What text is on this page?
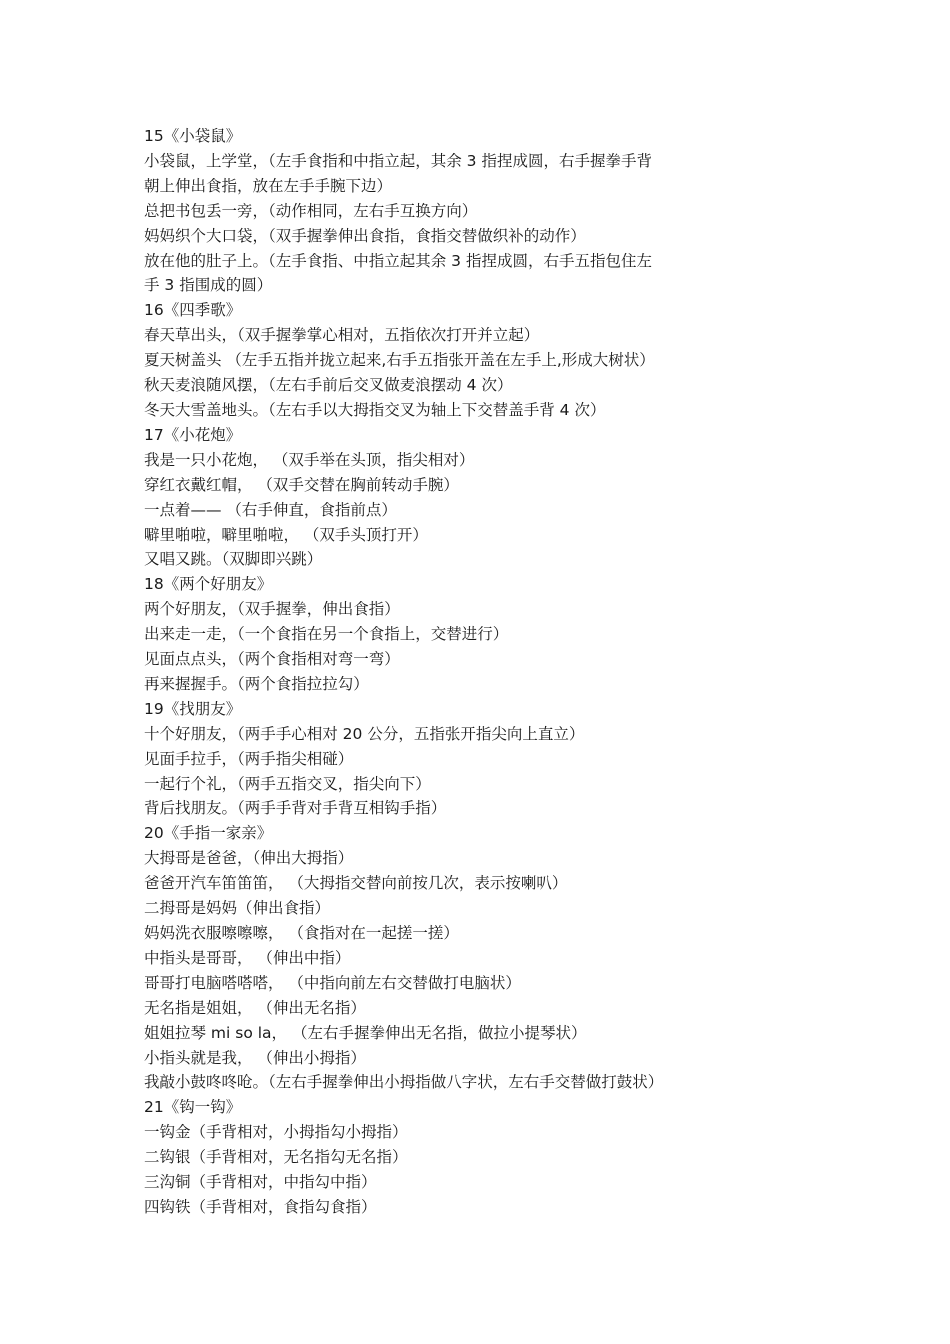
15《小袋鼠》
小袋鼠，上学堂，（左手食指和中指立起，其余 3 指捏成圆，右手握拳手背
朝上伸出食指，放在左手手腕下边）
总把书包丢一旁，（动作相同，左右手互换方向）
妈妈织个大口袋，（双手握拳伸出食指，食指交替做织补的动作）
放在他的肚子上。（左手食指、中指立起其余 3 指捏成圆，右手五指包住左
手 3 指围成的圆）
16《四季歌》
春天草出头，（双手握拳掌心相对，五指依次打开并立起）
夏天树盖头 （左手五指并拢立起来,右手五指张开盖在左手上,形成大树状）
秋天麦浪随风摆，（左右手前后交叉做麦浪摆动 4 次）
冬天大雪盖地头。（左右手以大拇指交叉为轴上下交替盖手背 4 次）
17《小花炮》
我是一只小花炮， （双手举在头顶，指尖相对）
穿红衣戴红帽， （双手交替在胸前转动手腕）
一点着—— （右手伸直，食指前点）
噼里啪啦，噼里啪啦， （双手头顶打开）
又唱又跳。（双脚即兴跳）
18《两个好朋友》
两个好朋友，（双手握拳，伸出食指）
出来走一走，（一个食指在另一个食指上，交替进行）
见面点点头，（两个食指相对弯一弯）
再来握握手。（两个食指拉拉勾）
19《找朋友》
十个好朋友，（两手手心相对 20 公分，五指张开指尖向上直立）
见面手拉手，（两手指尖相碰）
一起行个礼，（两手五指交叉，指尖向下）
背后找朋友。（两手手背对手背互相钩手指）
20《手指一家亲》
大拇哥是爸爸，（伸出大拇指）
爸爸开汽车笛笛笛， （大拇指交替向前按几次，表示按喇叭）
二拇哥是妈妈（伸出食指）
妈妈洗衣服嚓嚓嚓， （食指对在一起搓一搓）
中指头是哥哥， （伸出中指）
哥哥打电脑嗒嗒嗒， （中指向前左右交替做打电脑状）
无名指是姐姐， （伸出无名指）
姐姐拉琴 mi so la， （左右手握拳伸出无名指，做拉小提琴状）
小指头就是我， （伸出小拇指）
我敲小鼓咚咚呛。（左右手握拳伸出小拇指做八字状，左右手交替做打鼓状）
21《钩一钩》
一钩金（手背相对，小拇指勾小拇指）
二钩银（手背相对，无名指勾无名指）
三沟铜（手背相对，中指勾中指）
四钩铁（手背相对，食指勾食指）
